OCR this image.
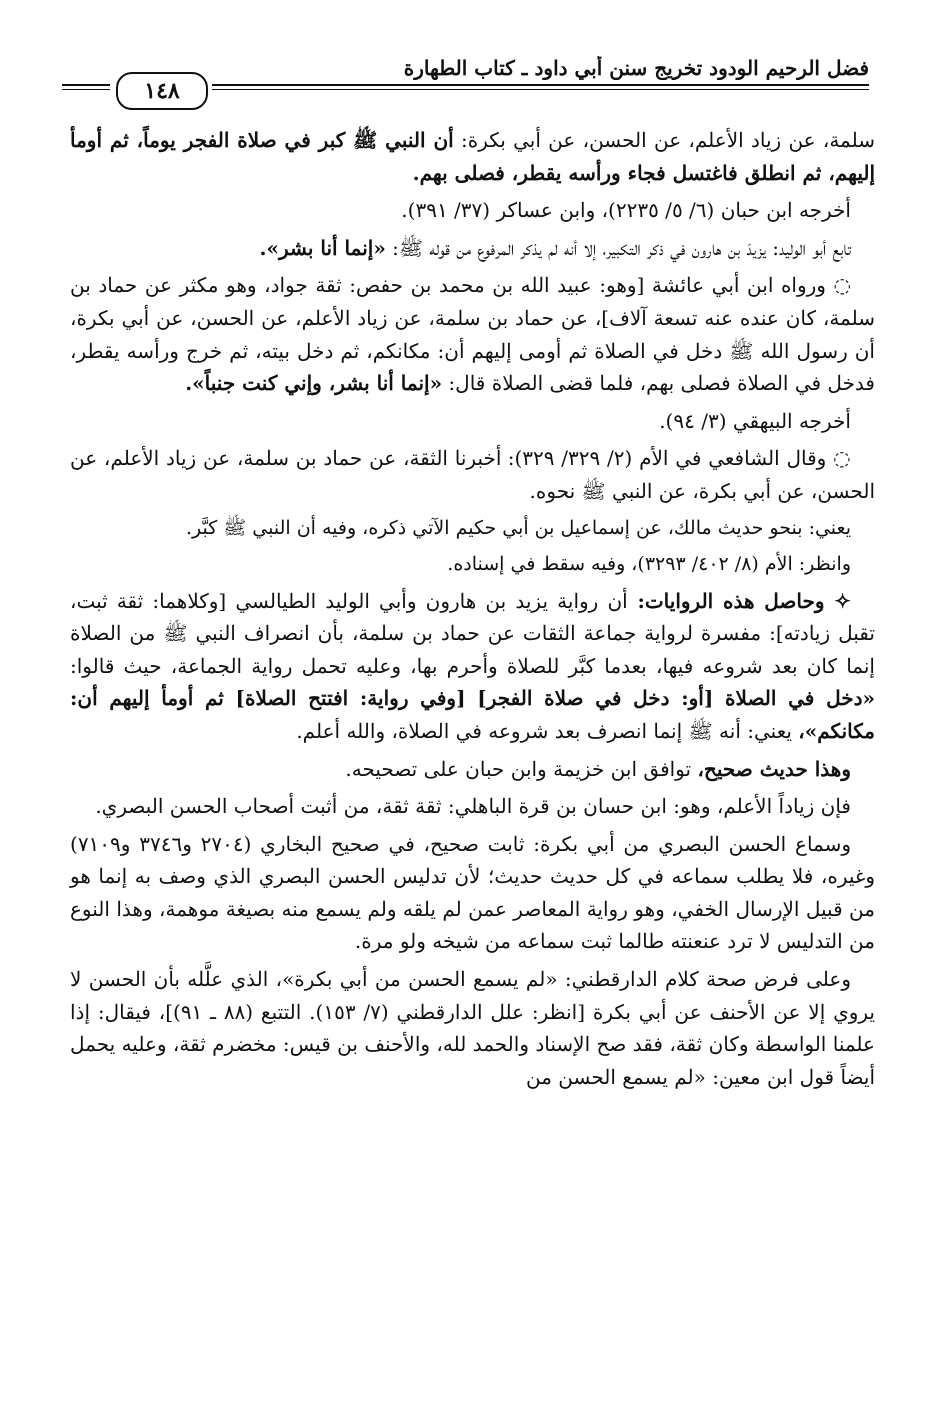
فضل الرحيم الودود تخريج سنن أبي داود ـ كتاب الطهارة
١٤٨

سلمة، عن زياد الأعلم، عن الحسن، عن أبي بكرة: أن النبي ﷺ كبر في صلاة الفجر يوماً، ثم أومأ إليهم، ثم انطلق فاغتسل فجاء ورأسه يقطر، فصلى بهم.

أخرجه ابن حبان (٦/ ٥/ ٢٢٣٥)، وابن عساكر (٣٧/ ٣٩١).

تابع أبو الوليد: يزيدَ بن هارون في ذكر التكبير، إلا أنه لم يذكر المرفوع من قوله ﷺ: «إنما أنا بشر».

◌ ورواه ابن أبي عائشة [وهو: عبيد الله بن محمد بن حفص: ثقة جواد، وهو مكثر عن حماد بن سلمة، كان عنده عنه تسعة آلاف]، عن حماد بن سلمة، عن زياد الأعلم، عن الحسن، عن أبي بكرة، أن رسول الله ﷺ دخل في الصلاة ثم أومى إليهم أن: مكانكم، ثم دخل بيته، ثم خرج ورأسه يقطر، فدخل في الصلاة فصلى بهم، فلما قضى الصلاة قال: «إنما أنا بشر، وإني كنت جنباً».

أخرجه البيهقي (٣/ ٩٤).

◌ وقال الشافعي في الأم (٢/ ٣٢٩/ ٣٢٩): أخبرنا الثقة، عن حماد بن سلمة، عن زياد الأعلم، عن الحسن، عن أبي بكرة، عن النبي ﷺ نحوه.

يعني: بنحو حديث مالك، عن إسماعيل بن أبي حكيم الآتي ذكره، وفيه أن النبي ﷺ كبَّر.

وانظر: الأم (٨/ ٤٠٢/ ٣٢٩٣)، وفيه سقط في إسناده.

✧ وحاصل هذه الروايات: أن رواية يزيد بن هارون وأبي الوليد الطيالسي [وكلاهما: ثقة ثبت، تقبل زيادته]: مفسرة لرواية جماعة الثقات عن حماد بن سلمة، بأن انصراف النبي ﷺ من الصلاة إنما كان بعد شروعه فيها، بعدما كبَّر للصلاة وأحرم بها، وعليه تحمل رواية الجماعة، حيث قالوا: «دخل في الصلاة [أو: دخل في صلاة الفجر] [وفي رواية: افتتح الصلاة] ثم أومأ إليهم أن: مكانكم»، يعني: أنه ﷺ إنما انصرف بعد شروعه في الصلاة، والله أعلم.

وهذا حديث صحيح، توافق ابن خزيمة وابن حبان على تصحيحه.

فإن زياداً الأعلم، وهو: ابن حسان بن قرة الباهلي: ثقة ثقة، من أثبت أصحاب الحسن البصري.

وسماع الحسن البصري من أبي بكرة: ثابت صحيح، في صحيح البخاري (٢٧٠٤ و٣٧٤٦ و٧١٠٩) وغيره، فلا يطلب سماعه في كل حديث حديث؛ لأن تدليس الحسن البصري الذي وصف به إنما هو من قبيل الإرسال الخفي، وهو رواية المعاصر عمن لم يلقه ولم يسمع منه بصيغة موهمة، وهذا النوع من التدليس لا ترد عنعنته طالما ثبت سماعه من شيخه ولو مرة.

وعلى فرض صحة كلام الدارقطني: «لم يسمع الحسن من أبي بكرة»، الذي علَّله بأن الحسن لا يروي إلا عن الأحنف عن أبي بكرة [انظر: علل الدارقطني (٧/ ١٥٣). التتبع (٨٨ ـ ٩١)]، فيقال: إذا علمنا الواسطة وكان ثقة، فقد صح الإسناد والحمد لله، والأحنف بن قيس: مخضرم ثقة، وعليه يحمل أيضاً قول ابن معين: «لم يسمع الحسن من
